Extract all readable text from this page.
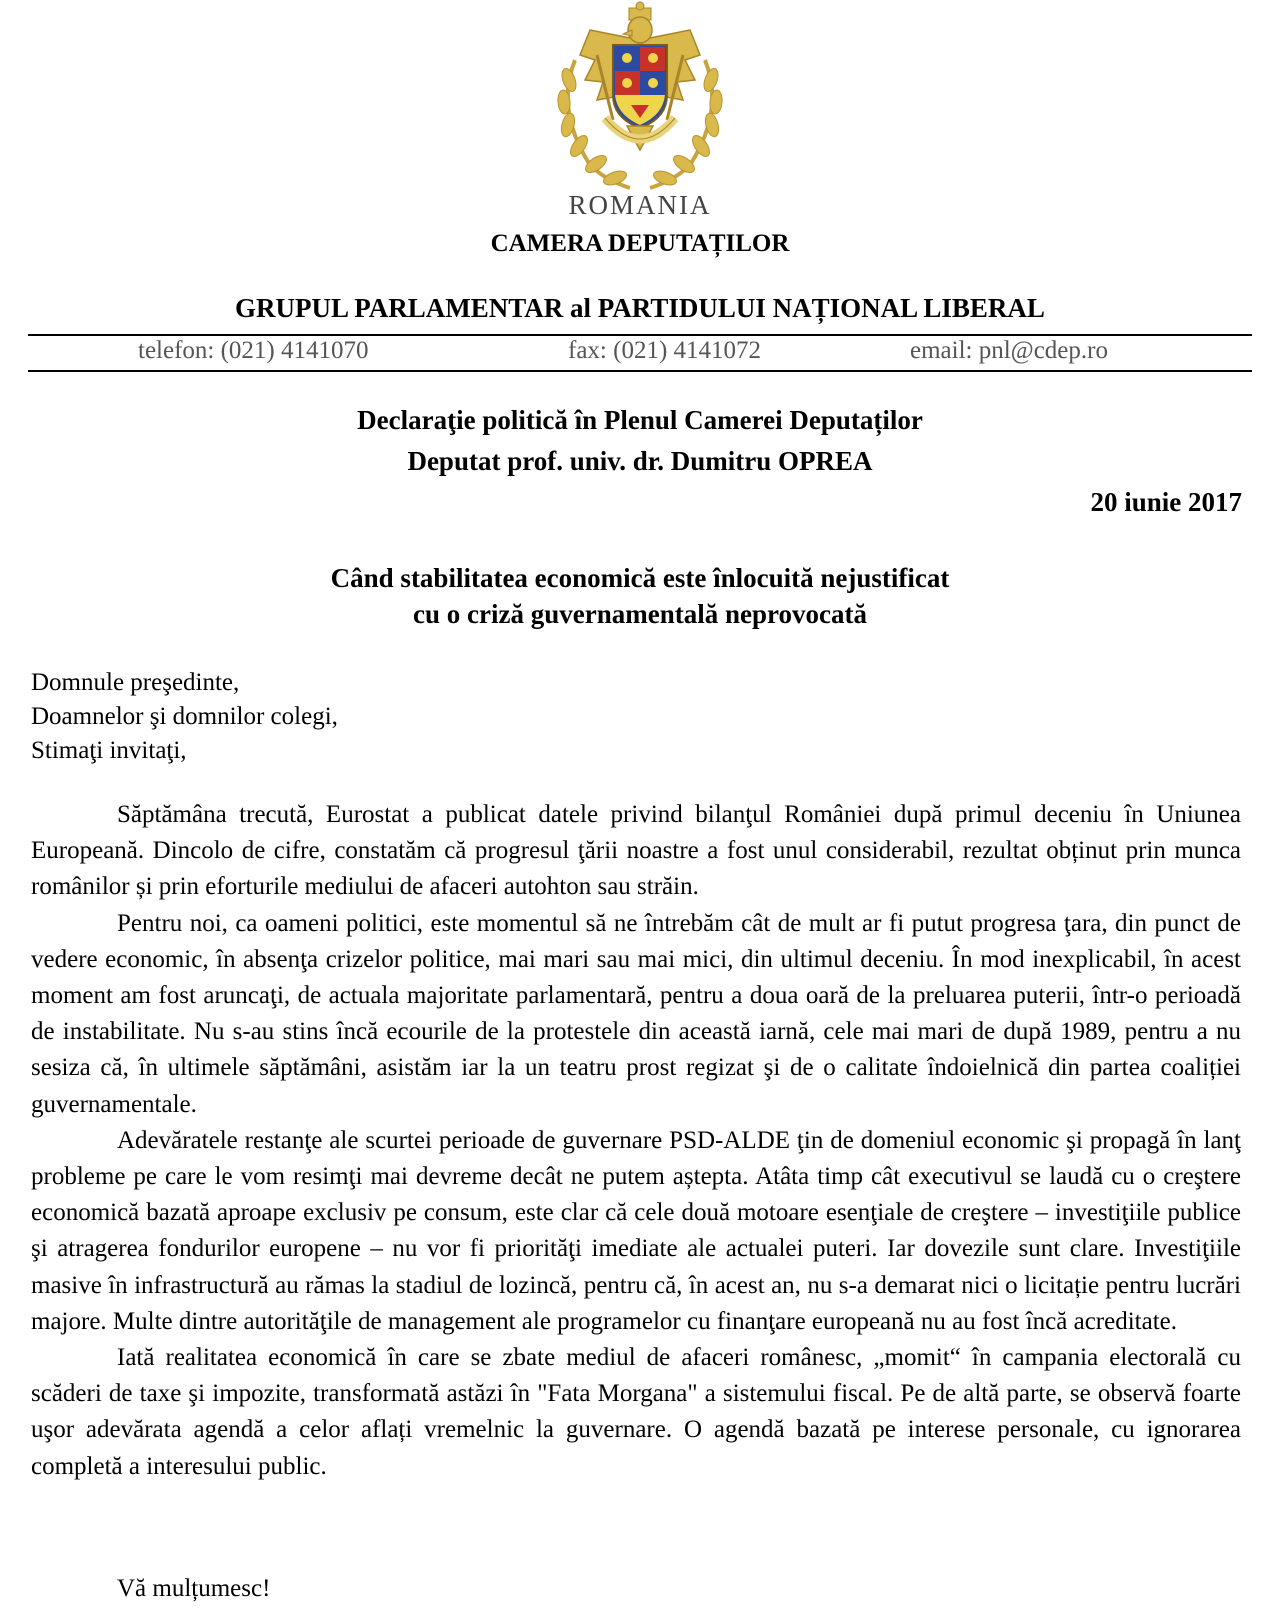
ROMANIA
CAMERA DEPUTAȚILOR
GRUPUL PARLAMENTAR al PARTIDULUI NAȚIONAL LIBERAL
telefon: (021) 4141070	fax: (021) 4141072	email: pnl@cdep.ro
Declaraţie politică în Plenul Camerei Deputaților
Deputat prof. univ. dr. Dumitru OPREA
20 iunie 2017
Când stabilitatea economică este înlocuită nejustificat
cu o criză guvernamentală neprovocată
Domnule preşedinte,
Doamnelor şi domnilor colegi,
Stimaţi invitaţi,

Săptămâna trecută, Eurostat a publicat datele privind bilanţul României după primul deceniu în Uniunea Europeană. Dincolo de cifre, constatăm că progresul ţării noastre a fost unul considerabil, rezultat obținut prin munca românilor și prin eforturile mediului de afaceri autohton sau străin.

Pentru noi, ca oameni politici, este momentul să ne întrebăm cât de mult ar fi putut progresa ţara, din punct de vedere economic, în absenţa crizelor politice, mai mari sau mai mici, din ultimul deceniu. În mod inexplicabil, în acest moment am fost aruncaţi, de actuala majoritate parlamentară, pentru a doua oară de la preluarea puterii, într-o perioadă de instabilitate. Nu s-au stins încă ecourile de la protestele din această iarnă, cele mai mari de după 1989, pentru a nu sesiza că, în ultimele săptămâni, asistăm iar la un teatru prost regizat şi de o calitate îndoielnică din partea coaliției guvernamentale.

Adevăratele restanţe ale scurtei perioade de guvernare PSD-ALDE ţin de domeniul economic şi propagă în lanţ probleme pe care le vom resimţi mai devreme decât ne putem aștepta. Atâta timp cât executivul se laudă cu o creştere economică bazată aproape exclusiv pe consum, este clar că cele două motoare esenţiale de creştere – investiţiile publice şi atragerea fondurilor europene – nu vor fi priorităţi imediate ale actualei puteri. Iar dovezile sunt clare. Investiţiile masive în infrastructură au rămas la stadiul de lozincă, pentru că, în acest an, nu s-a demarat nici o licitație pentru lucrări majore. Multe dintre autorităţile de management ale programelor cu finanţare europeană nu au fost încă acreditate.

Iată realitatea economică în care se zbate mediul de afaceri românesc, „momit“ în campania electorală cu scăderi de taxe şi impozite, transformată astăzi în "Fata Morgana" a sistemului fiscal. Pe de altă parte, se observă foarte uşor adevărata agendă a celor aflați vremelnic la guvernare. O agendă bazată pe interese personale, cu ignorarea completă a interesului public.

Vă mulțumesc!
